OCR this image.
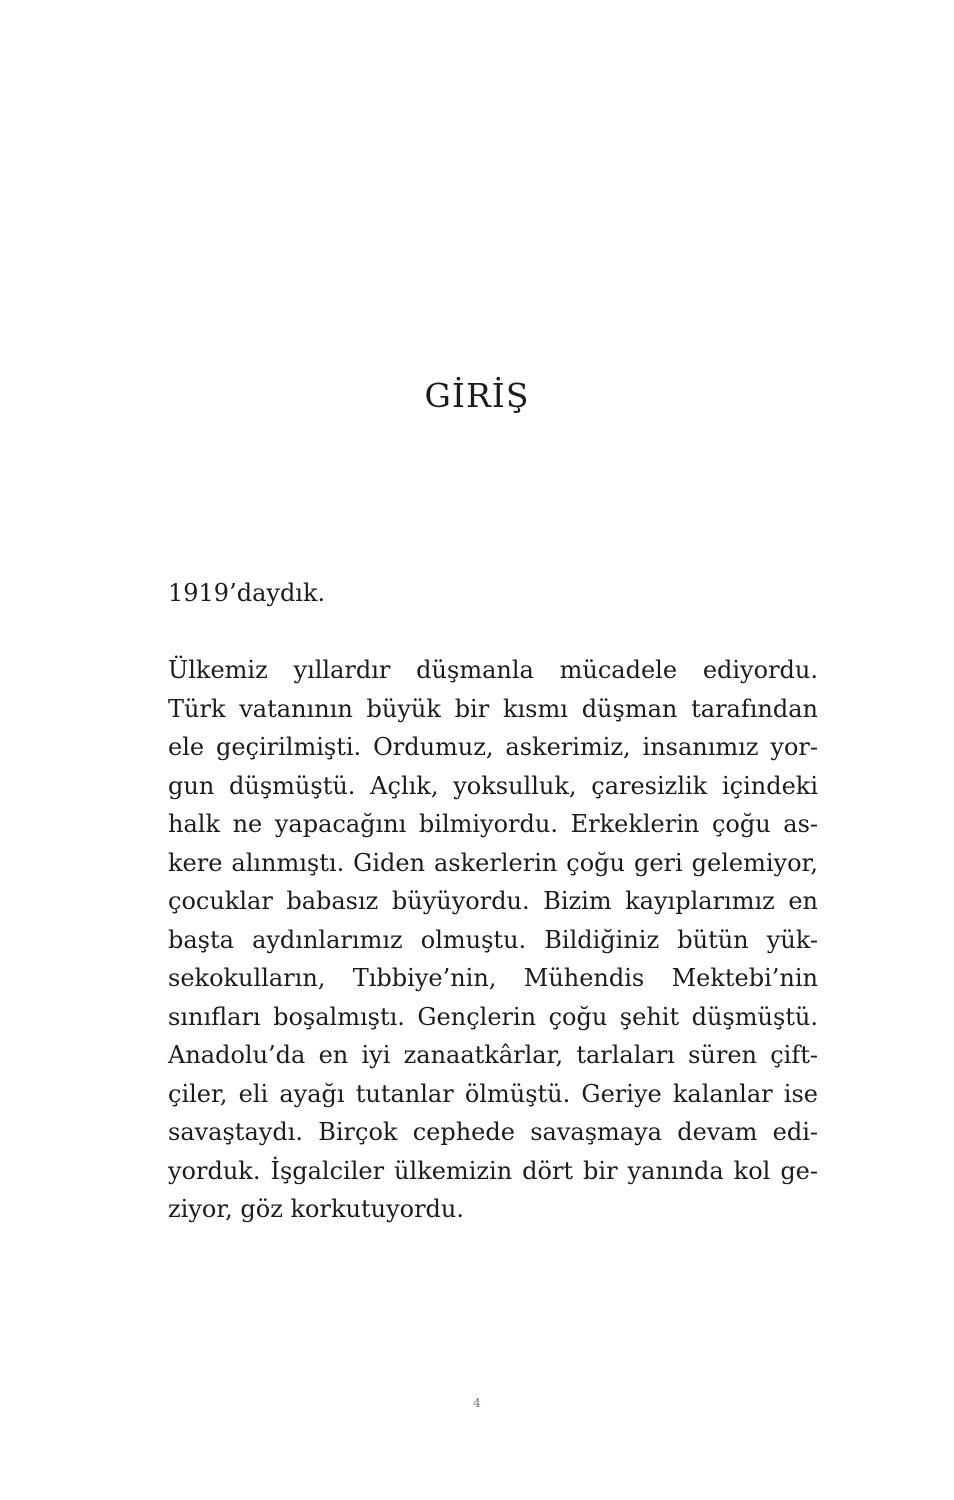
GİRİŞ

1919’daydık.

Ülkemiz yıllardır düşmanla mücadele ediyordu.
Türk vatanının büyük bir kısmı düşman tarafından
ele geçirilmişti. Ordumuz, askerimiz, insanımız yor-
gun düşmüştü. Açlık, yoksulluk, çaresizlik içindeki
halk ne yapacağını bilmiyordu. Erkeklerin çoğu as-
kere alınmıştı. Giden askerlerin çoğu geri gelemiyor,
çocuklar babasız büyüyordu. Bizim kayıplarımız en
başta aydınlarımız olmuştu. Bildiğiniz bütün yük-
sekokulların, Tıbbiye’nin, Mühendis Mektebi’nin
sınıfları boşalmıştı. Gençlerin çoğu şehit düşmüştü.
Anadolu’da en iyi zanaatkârlar, tarlaları süren çift-
çiler, eli ayağı tutanlar ölmüştü. Geriye kalanlar ise
savaştaydı. Birçok cephede savaşmaya devam edi-
yorduk. İşgalciler ülkemizin dört bir yanında kol ge-
ziyor, göz korkutuyordu.

4
